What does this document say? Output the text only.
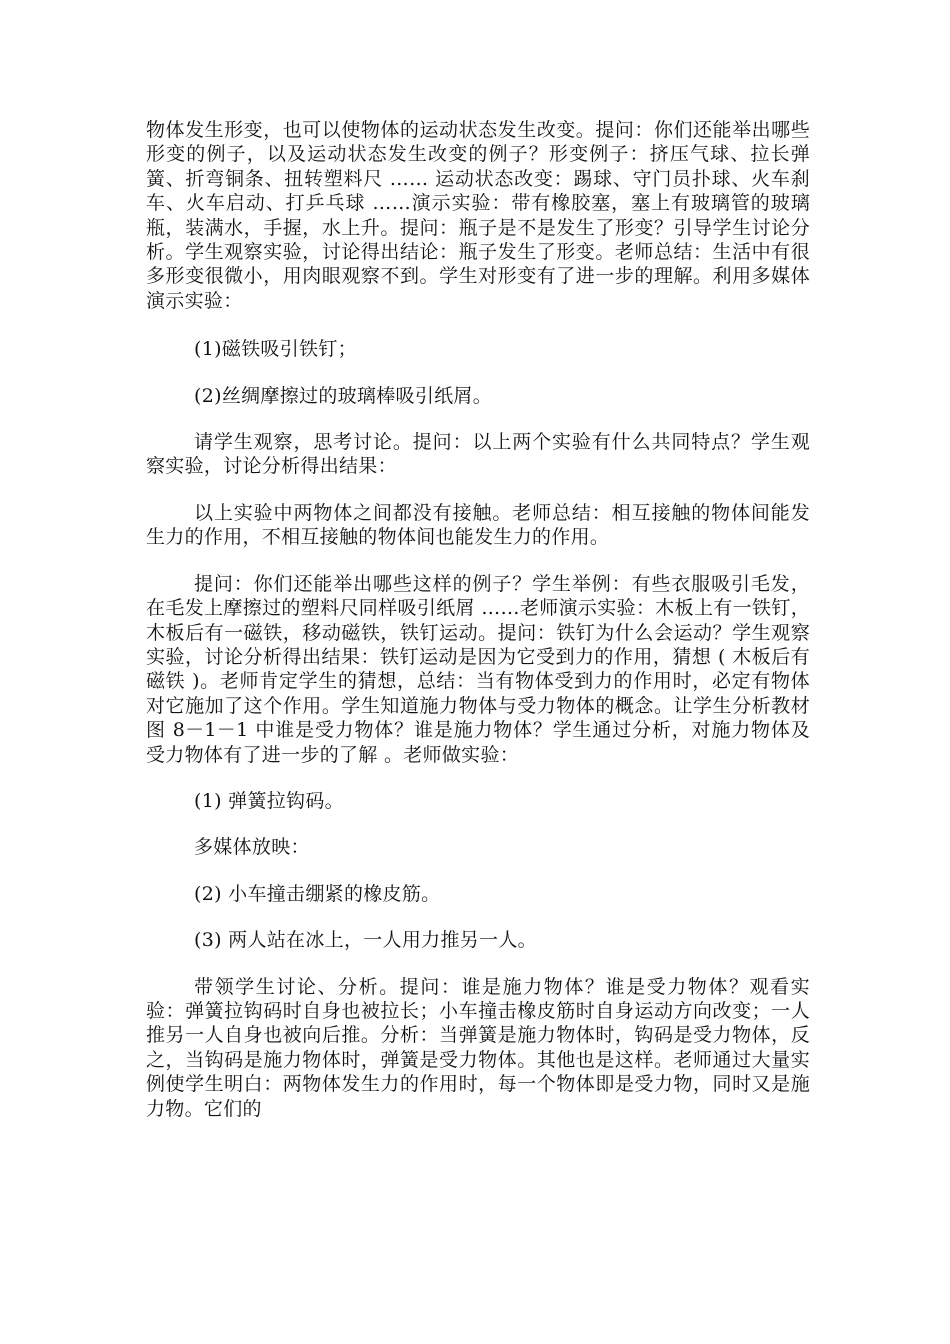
物体发生形变，也可以使物体的运动状态发生改变。提问：你们还能举出哪些形变的例子，以及运动状态发生改变的例子？形变例子：挤压气球、拉长弹簧、折弯铜条、扭转塑料尺 …… 运动状态改变：踢球、守门员扑球、火车刹车、火车启动、打乒乓球 ……演示实验：带有橡胶塞，塞上有玻璃管的玻璃瓶，装满水，手握，水上升。提问：瓶子是不是发生了形变？引导学生讨论分析。学生观察实验，讨论得出结论：瓶子发生了形变。老师总结：生活中有很多形变很微小，用肉眼观察不到。学生对形变有了进一步的理解。利用多媒体演示实验：

(1)磁铁吸引铁钉；

(2)丝绸摩擦过的玻璃棒吸引纸屑。

请学生观察，思考讨论。提问：以上两个实验有什么共同特点？学生观察实验，讨论分析得出结果：

以上实验中两物体之间都没有接触。老师总结：相互接触的物体间能发生力的作用，不相互接触的物体间也能发生力的作用。

提问：你们还能举出哪些这样的例子？学生举例：有些衣服吸引毛发，在毛发上摩擦过的塑料尺同样吸引纸屑 ……老师演示实验：木板上有一铁钉，木板后有一磁铁，移动磁铁，铁钉运动。提问：铁钉为什么会运动？学生观察实验，讨论分析得出结果：铁钉运动是因为它受到力的作用，猜想 ( 木板后有磁铁 )。老师肯定学生的猜想，总结：当有物体受到力的作用时，必定有物体对它施加了这个作用。学生知道施力物体与受力物体的概念。让学生分析教材图 8－1－1 中谁是受力物体？谁是施力物体？学生通过分析，对施力物体及受力物体有了进一步的了解 。老师做实验：

(1) 弹簧拉钩码。

多媒体放映：

(2) 小车撞击绷紧的橡皮筋。

(3) 两人站在冰上，一人用力推另一人。

带领学生讨论、分析。提问：谁是施力物体？谁是受力物体？观看实验：弹簧拉钩码时自身也被拉长；小车撞击橡皮筋时自身运动方向改变；一人推另一人自身也被向后推。分析：当弹簧是施力物体时，钩码是受力物体，反之，当钩码是施力物体时，弹簧是受力物体。其他也是这样。老师通过大量实例使学生明白：两物体发生力的作用时，每一个物体即是受力物，同时又是施力物。它们的
